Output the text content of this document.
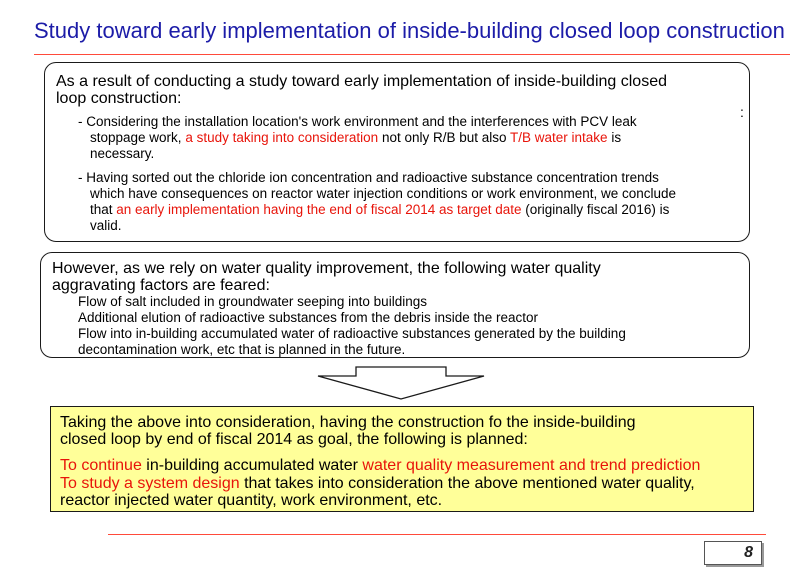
Study toward early implementation of inside-building closed loop construction
As a result of conducting a study toward early implementation of inside-building closed
loop construction:
- Considering the installation location's work environment and the interferences with PCV leak
stoppage work, a study taking into consideration not only R/B but also T/B water intake is
necessary.
- Having sorted out the chloride ion concentration and radioactive substance concentration trends
which have consequences on reactor water injection conditions or work environment, we conclude
that an early implementation having the end of fiscal 2014 as target date (originally fiscal 2016) is
valid.
:
However, as we rely on water quality improvement, the following water quality
aggravating factors are feared:
Flow of salt included in groundwater seeping into buildings
Additional elution of radioactive substances from the debris inside the reactor
Flow into in-building accumulated water of radioactive substances generated by the building
decontamination work, etc that is planned in the future.
Taking the above into consideration, having the construction fo the inside-building
closed loop by end of fiscal 2014 as goal, the following is planned:
To continue in-building accumulated water water quality measurement and trend prediction
To study a system design that takes into consideration the above mentioned water quality,
reactor injected water quantity, work environment, etc.
8
